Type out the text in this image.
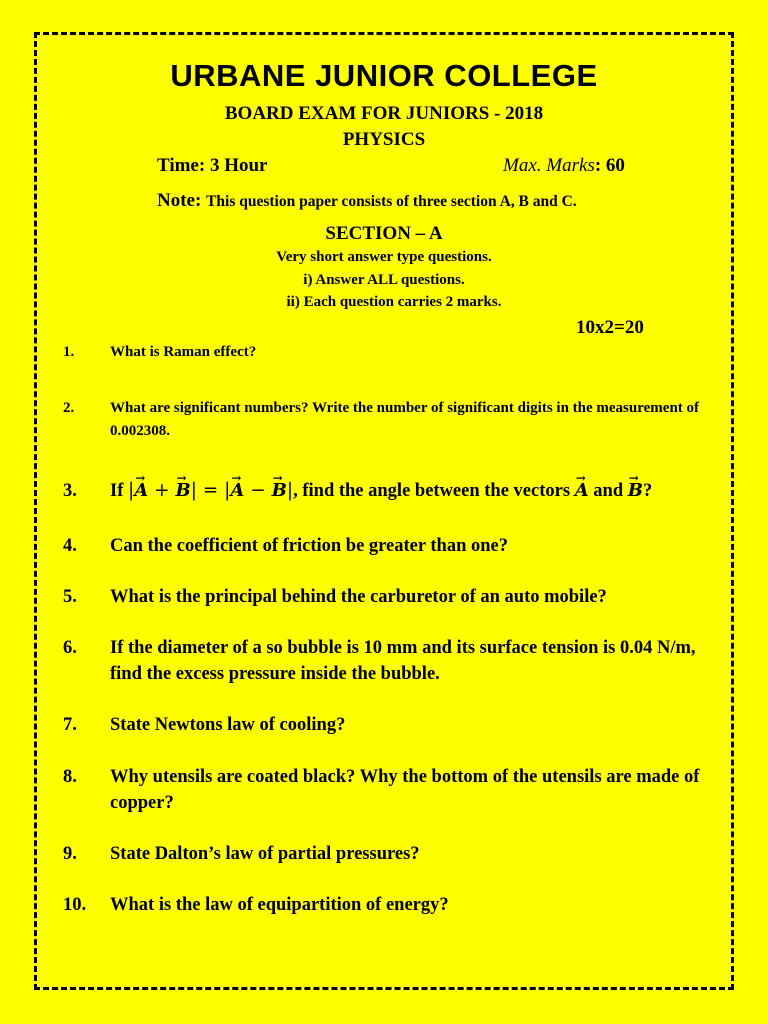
URBANE JUNIOR COLLEGE
BOARD EXAM FOR JUNIORS - 2018
PHYSICS
Time: 3 Hour	Max. Marks: 60
Note: This question paper consists of three section A, B and C.
SECTION – A
Very short answer type questions.
i) Answer ALL questions.
ii) Each question carries 2 marks.
10x2=20
1. What is Raman effect?
2. What are significant numbers? Write the number of significant digits in the measurement of 0.002308.
3. If |→ A + → B| = |→ A − → B|, find the angle between the vectors → A and → B?
4. Can the coefficient of friction be greater than one?
5. What is the principal behind the carburetor of an auto mobile?
6. If the diameter of a so bubble is 10 mm and its surface tension is 0.04 N/m, find the excess pressure inside the bubble.
7. State Newtons law of cooling?
8. Why utensils are coated black? Why the bottom of the utensils are made of copper?
9. State Dalton’s law of partial pressures?
10. What is the law of equipartition of energy?
